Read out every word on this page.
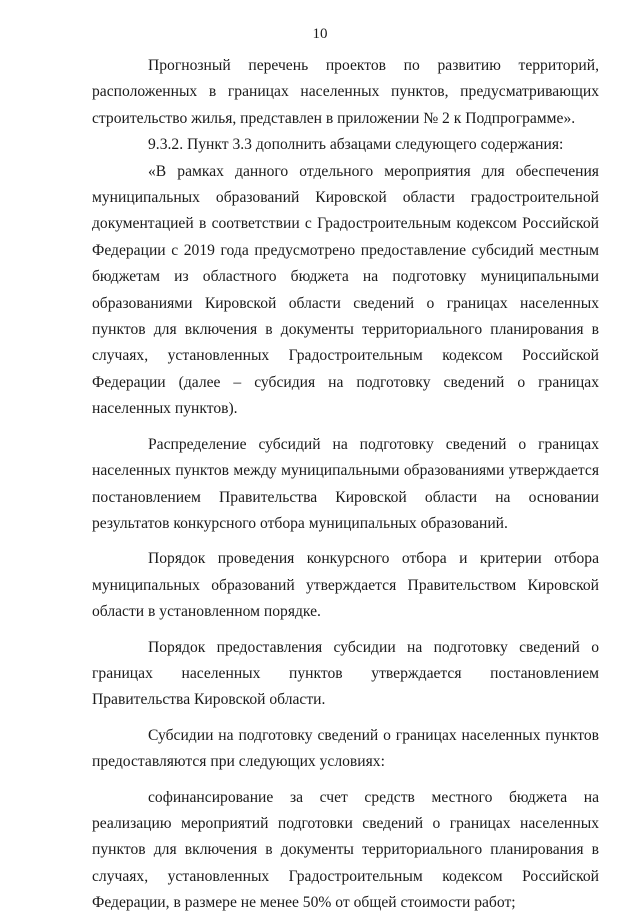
10

Прогнозный перечень проектов по развитию территорий, расположенных в границах населенных пунктов, предусматривающих строительство жилья, представлен в приложении № 2 к Подпрограмме».

9.3.2. Пункт 3.3 дополнить абзацами следующего содержания:

«В рамках данного отдельного мероприятия для обеспечения муниципальных образований Кировской области градостроительной документацией в соответствии с Градостроительным кодексом Российской Федерации с 2019 года предусмотрено предоставление субсидий местным бюджетам из областного бюджета на подготовку муниципальными образованиями Кировской области сведений о границах населенных пунктов для включения в документы территориального планирования в случаях, установленных Градостроительным кодексом Российской Федерации (далее – субсидия на подготовку сведений о границах населенных пунктов).

Распределение субсидий на подготовку сведений о границах населенных пунктов между муниципальными образованиями утверждается постановлением Правительства Кировской области на основании результатов конкурсного отбора муниципальных образований.

Порядок проведения конкурсного отбора и критерии отбора муниципальных образований утверждается Правительством Кировской области в установленном порядке.

Порядок предоставления субсидии на подготовку сведений о границах населенных пунктов утверждается постановлением Правительства Кировской области.

Субсидии на подготовку сведений о границах населенных пунктов предоставляются при следующих условиях:

софинансирование за счет средств местного бюджета на реализацию мероприятий подготовки сведений о границах населенных пунктов для включения в документы территориального планирования в случаях, установленных Градостроительным кодексом Российской Федерации, в размере не менее 50% от общей стоимости работ;
